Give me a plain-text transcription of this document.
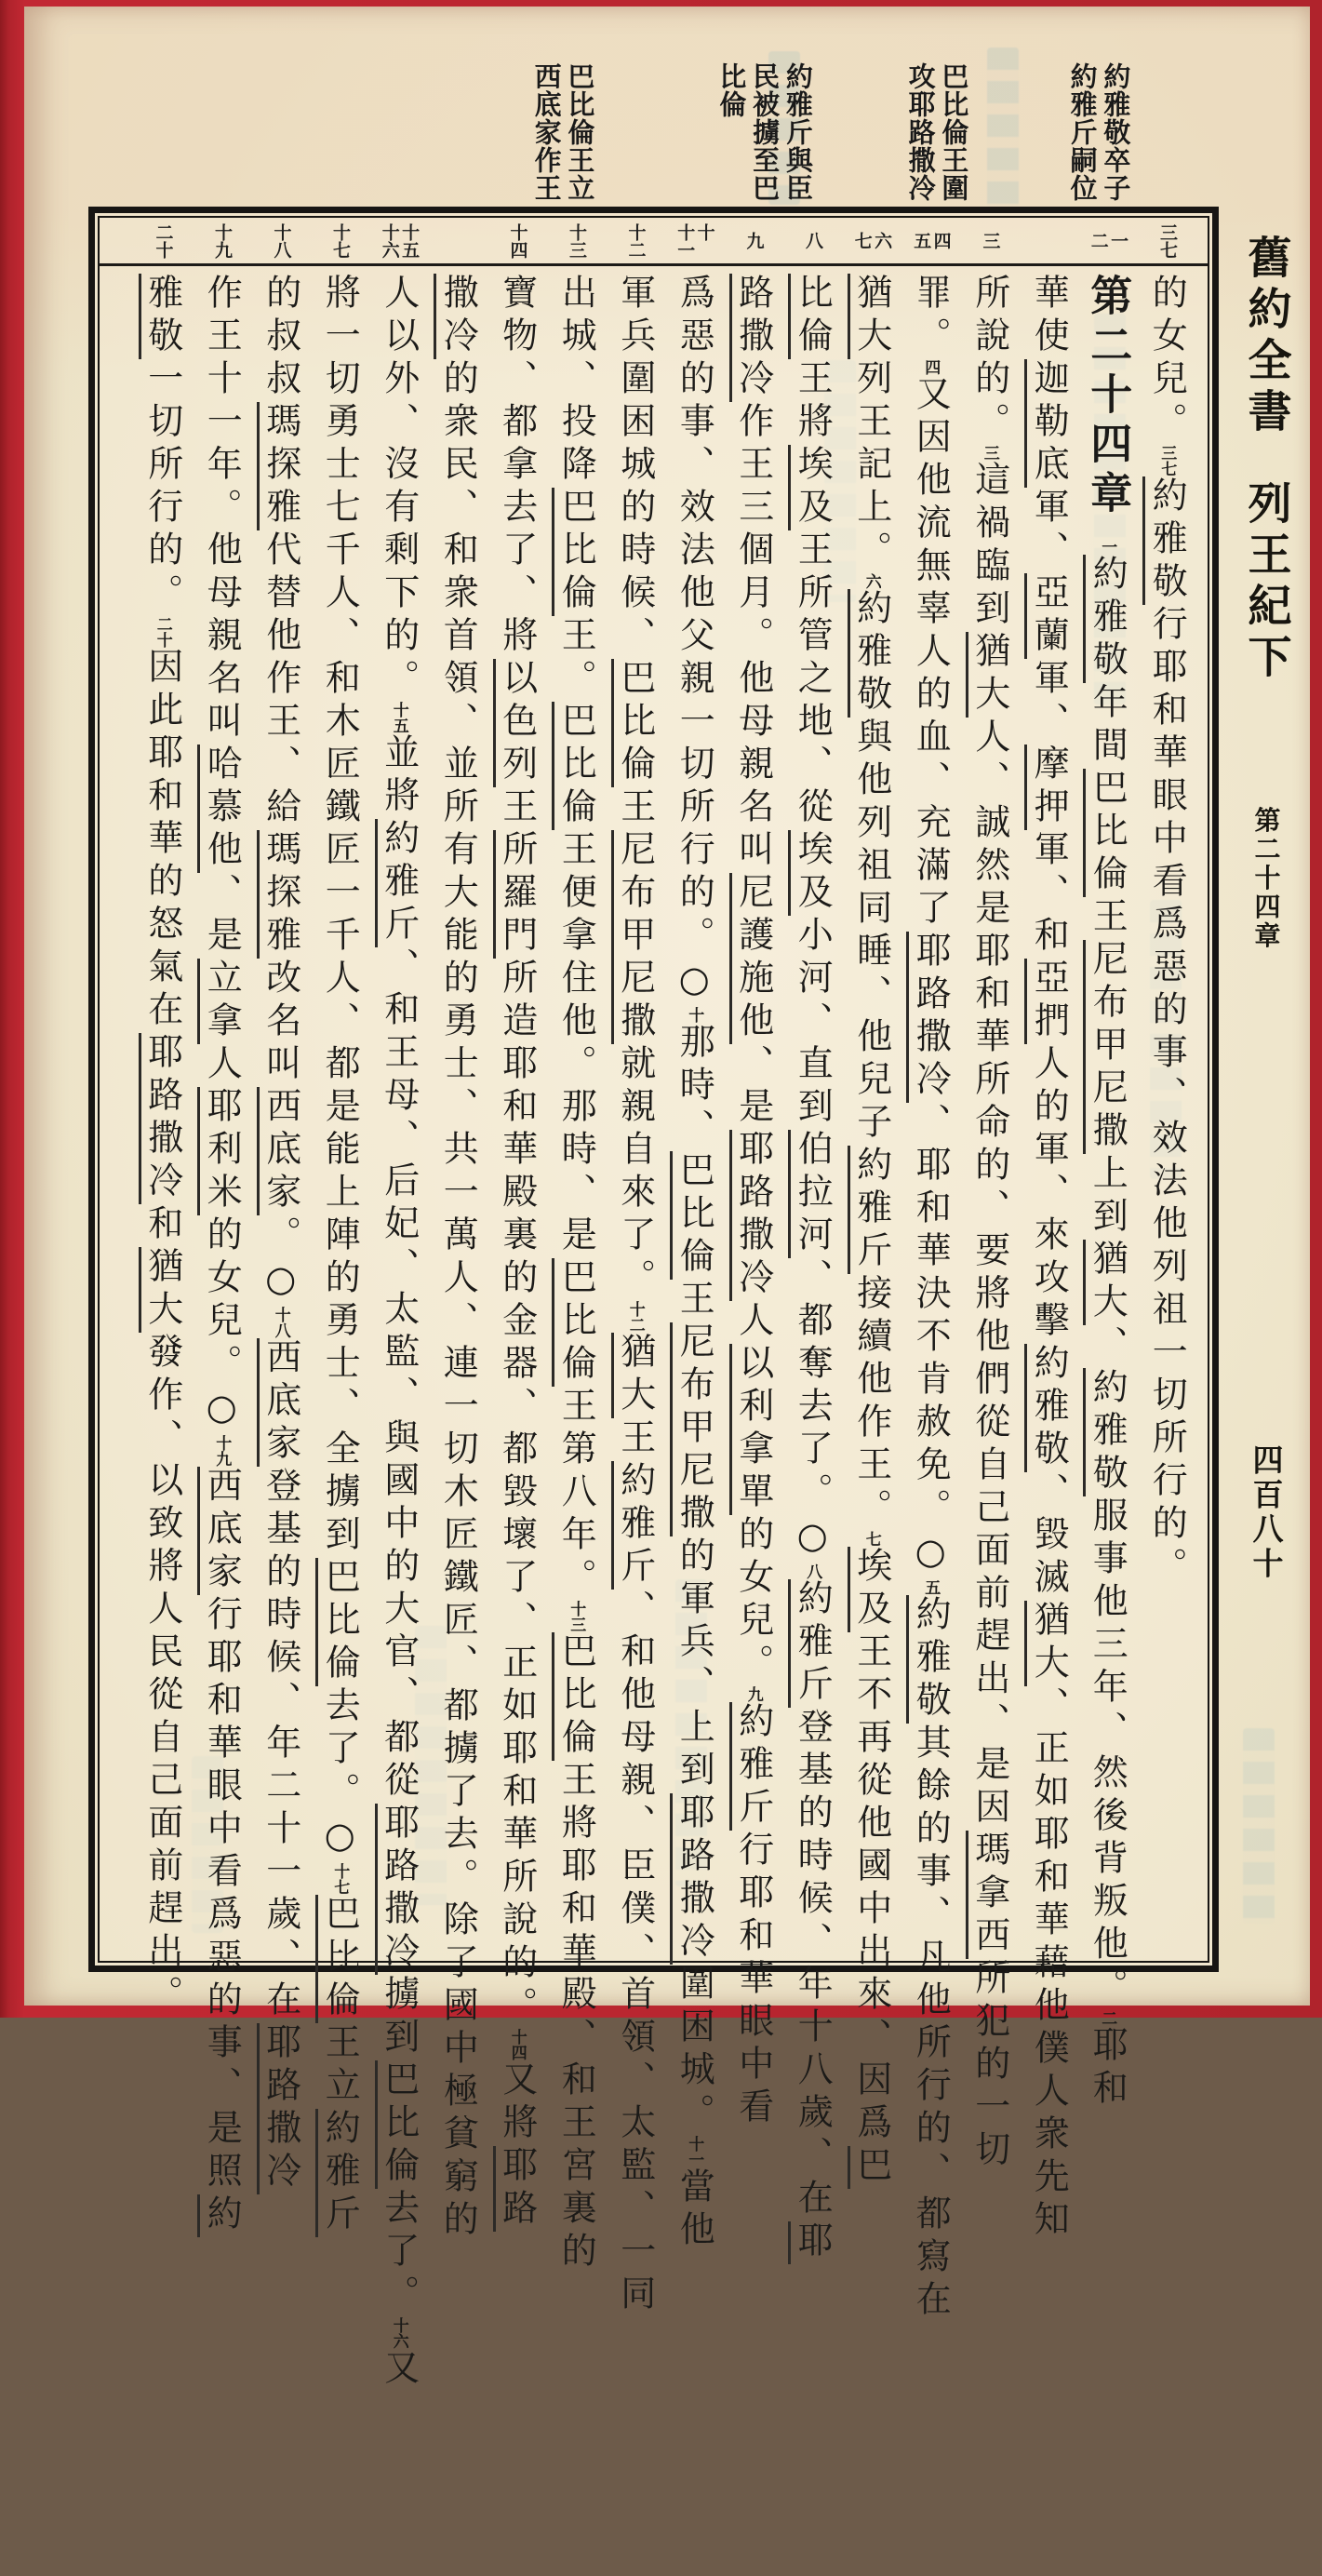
約雅敬卒子
約雅斤嗣位
巴比倫王圍
攻耶路撒冷
約雅斤與臣
民被擄至巴
比倫
巴比倫王立
西底家作王
三七
一
二
三
四
五
六
七
八
九
十
十一
十二
十三
十四
十五
十六
十七
十八
十九
二十
的女兒。三七約雅敬行耶和華眼中看爲惡的事、效法他列祖一切所行的。
第二十四章一約雅敬年間巴比倫王尼布甲尼撒上到猶大、約雅敬服事他三年、然後背叛他。二耶和
華使迦勒底軍、亞蘭軍、摩押軍、和亞捫人的軍、來攻擊約雅敬、毀滅猶大、正如耶和華藉他僕人衆先知
所說的。三這禍臨到猶大人、誠然是耶和華所命的、要將他們從自己面前趕出、是因瑪拿西所犯的一切
罪。四又因他流無辜人的血、充滿了耶路撒冷、耶和華決不肯赦免。○五約雅敬其餘的事、凡他所行的、都寫在
猶大列王記上。六約雅敬與他列祖同睡、他兒子約雅斤接續他作王。七埃及王不再從他國中出來、因爲巴
比倫王將埃及王所管之地、從埃及小河、直到伯拉河、都奪去了。○八約雅斤登基的時候、年十八歲、在耶
路撒冷作王三個月。他母親名叫尼護施他、是耶路撒冷人以利拿單的女兒。九約雅斤行耶和華眼中看
爲惡的事、效法他父親一切所行的。○十那時、巴比倫王尼布甲尼撒的軍兵、上到耶路撒冷圍困城。十一當他
軍兵圍困城的時候、巴比倫王尼布甲尼撒就親自來了。十二猶大王約雅斤、和他母親、臣僕、首領、太監、一同
出城、投降巴比倫王。巴比倫王便拿住他。那時、是巴比倫王第八年。十三巴比倫王將耶和華殿、和王宮裏的
寶物、都拿去了、將以色列王所羅門所造耶和華殿裏的金器、都毀壞了、正如耶和華所說的。十四又將耶路
撒冷的衆民、和衆首領、並所有大能的勇士、共一萬人、連一切木匠鐵匠、都擄了去。除了國中極貧窮的
人以外、沒有剩下的。十五並將約雅斤、和王母、后妃、太監、與國中的大官、都從耶路撒冷擄到巴比倫去了。十六又
將一切勇士七千人、和木匠鐵匠一千人、都是能上陣的勇士、全擄到巴比倫去了。○十七巴比倫王立約雅斤
的叔叔瑪探雅代替他作王、給瑪探雅改名叫西底家。○十八西底家登基的時候、年二十一歲、在耶路撒冷
作王十一年。他母親名叫哈慕他、是立拿人耶利米的女兒。○十九西底家行耶和華眼中看爲惡的事、是照約
雅敬一切所行的。二十因此耶和華的怒氣在耶路撒冷和猶大發作、以致將人民從自己面前趕出。
舊約全書  列王紀下  第二十四章  四百八十
